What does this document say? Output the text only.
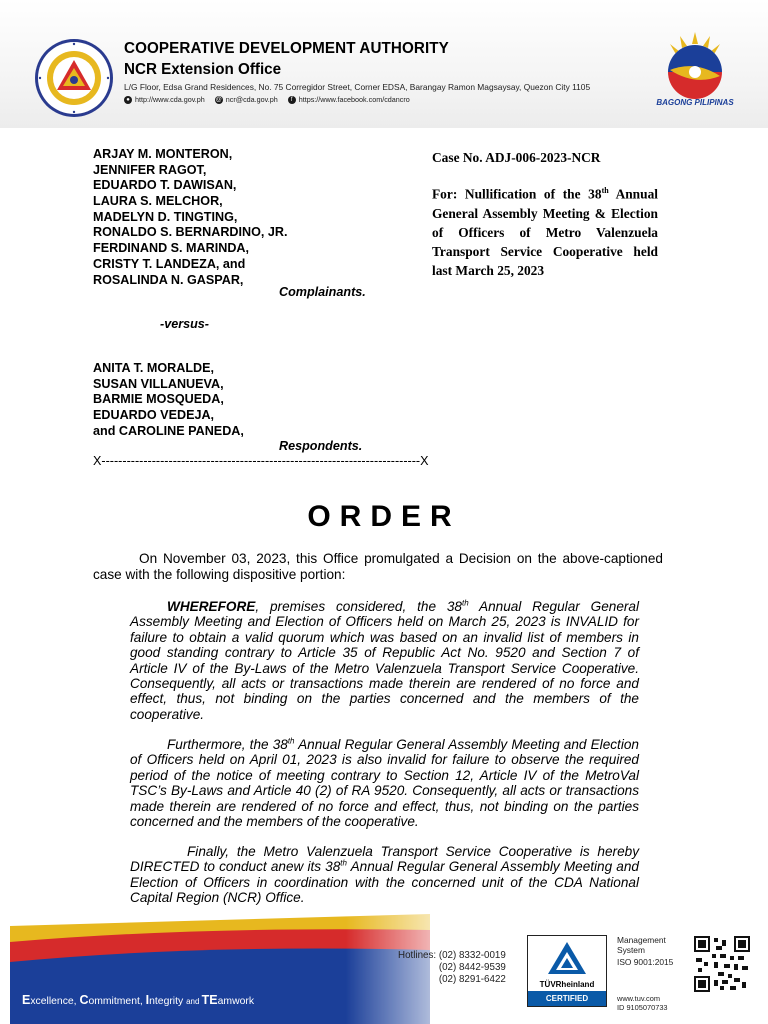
COOPERATIVE DEVELOPMENT AUTHORITY
NCR Extension Office
L/G Floor, Edsa Grand Residences, No. 75 Corregidor Street, Corner EDSA, Barangay Ramon Magsaysay, Quezon City 1105
● http://www.cda.gov.ph @ ncr@cda.gov.ph	f https://www.facebook.com/cdancro	BAGONG PILIPINAS
ARJAY M. MONTERON,
JENNIFER RAGOT,
EDUARDO T. DAWISAN,
LAURA S. MELCHOR,
MADELYN D. TINGTING,
RONALDO S. BERNARDINO, JR.
FERDINAND S. MARINDA,
CRISTY T. LANDEZA, and
ROSALINDA N. GASPAR,
Complainants.
-versus-
ANITA T. MORALDE,
SUSAN VILLANUEVA,
BARMIE MOSQUEDA,
EDUARDO VEDEJA,
and CAROLINE PANEDA,
Respondents.
Case No. ADJ-006-2023-NCR
For: Nullification of the 38th Annual General Assembly Meeting & Election of Officers of Metro Valenzuela Transport Service Cooperative held last March 25, 2023
X----------------------------------------------------------------------------X
ORDER
On November 03, 2023, this Office promulgated a Decision on the above-captioned case with the following dispositive portion:
WHEREFORE, premises considered, the 38th Annual Regular General Assembly Meeting and Election of Officers held on March 25, 2023 is INVALID for failure to obtain a valid quorum which was based on an invalid list of members in good standing contrary to Article 35 of Republic Act No. 9520 and Section 7 of Article IV of the By-Laws of the Metro Valenzuela Transport Service Cooperative. Consequently, all acts or transactions made therein are rendered of no force and effect, thus, not binding on the parties concerned and the members of the cooperative.
Furthermore, the 38th Annual Regular General Assembly Meeting and Election of Officers held on April 01, 2023 is also invalid for failure to observe the required period of the notice of meeting contrary to Section 12, Article IV of the MetroVal TSC’s By-Laws and Article 40 (2) of RA 9520. Consequently, all acts or transactions made therein are rendered of no force and effect, thus, not binding on the parties concerned and the members of the cooperative.
Finally, the Metro Valenzuela Transport Service Cooperative is hereby DIRECTED to conduct anew its 38th Annual Regular General Assembly Meeting and Election of Officers in coordination with the concerned unit of the CDA National Capital Region (NCR) Office.
Excellence, Commitment, Integrity and TEamwork
Hotlines: (02) 8332-0019
(02) 8442-9539
(02) 8291-6422	TÜVRheinland
CERTIFIED
Management
System
ISO 9001:2015
www.tuv.com
ID 9105070733
